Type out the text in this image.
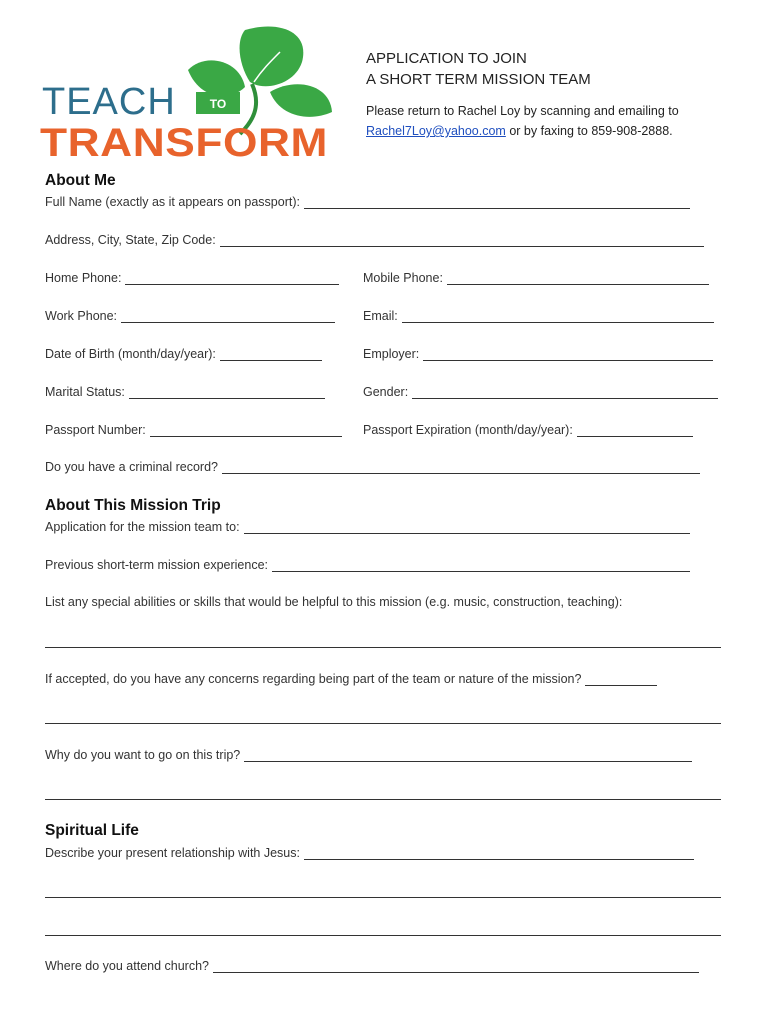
TO
TEACH
TRANSFORM
APPLICATION TO JOIN
A SHORT TERM MISSION TEAM
Please return to Rachel Loy by scanning and emailing to
Rachel7Loy@yahoo.com or by faxing to 859-908-2888.
About Me
Full Name (exactly as it appears on passport):
Address, City, State, Zip Code:
Home Phone:	Mobile Phone:
Work Phone:	Email:
Date of Birth (month/day/year):	Employer:
Marital Status:	Gender:
Passport Number:	Passport Expiration (month/day/year):
Do you have a criminal record?
About This Mission Trip
Application for the mission team to:
Previous short-term mission experience:
List any special abilities or skills that would be helpful to this mission (e.g. music, construction, teaching):
If accepted, do you have any concerns regarding being part of the team or nature of the mission?
Why do you want to go on this trip?
Spiritual Life
Describe your present relationship with Jesus:
Where do you attend church?
